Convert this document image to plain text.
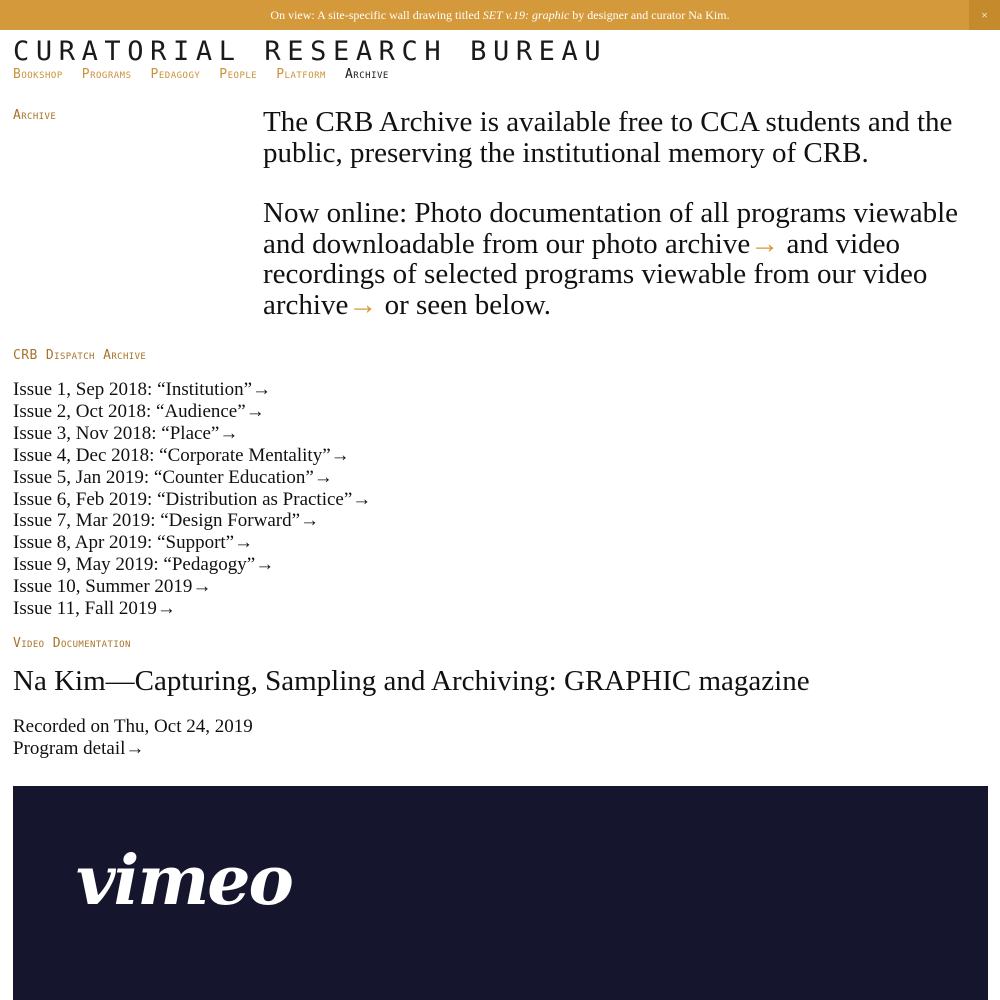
On view: A site-specific wall drawing titled SET v.19: graphic by designer and curator Na Kim.	×
CURATORIAL RESEARCH BUREAU
Bookshop Programs Pedagogy People Platform Archive
Archive	The CRB Archive is available free to CCA students and the public, preserving the institutional memory of CRB.

Now online: Photo documentation of all programs viewable and downloadable from our photo archive→ and video recordings of selected programs viewable from our video archive→ or seen below.

CRB Dispatch Archive
Issue 1, Sep 2018: “Institution”→
Issue 2, Oct 2018: “Audience”→
Issue 3, Nov 2018: “Place”→
Issue 4, Dec 2018: “Corporate Mentality”→
Issue 5, Jan 2019: “Counter Education”→
Issue 6, Feb 2019: “Distribution as Practice”→
Issue 7, Mar 2019: “Design Forward”→
Issue 8, Apr 2019: “Support”→
Issue 9, May 2019: “Pedagogy”→
Issue 10, Summer 2019→
Issue 11, Fall 2019→
Video Documentation
Na Kim—Capturing, Sampling and Archiving: GRAPHIC magazine
Recorded on Thu, Oct 24, 2019
Program detail→
vimeo
